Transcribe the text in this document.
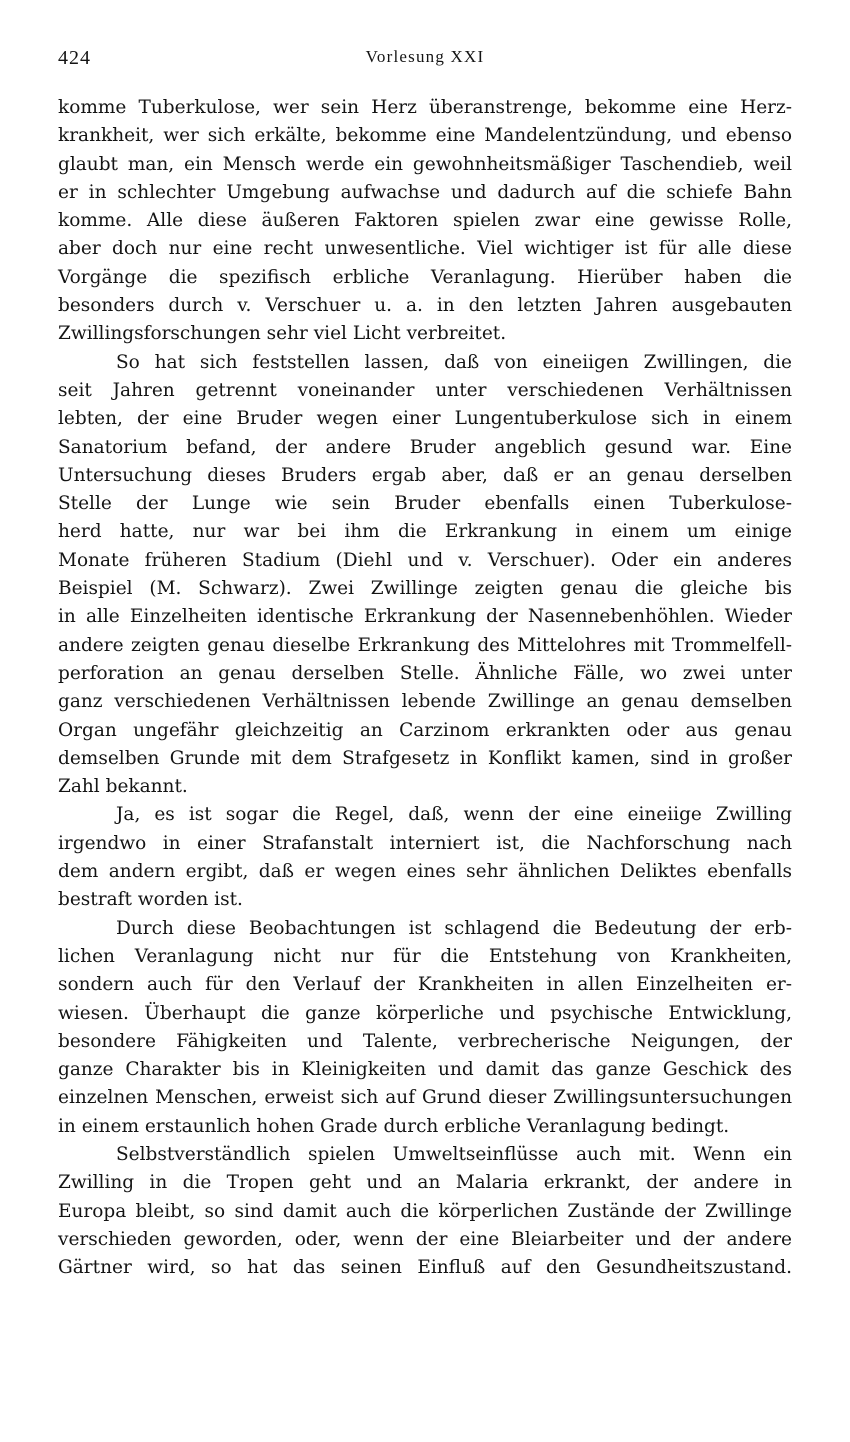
424	Vorlesung XXI
komme Tuberkulose, wer sein Herz überanstrenge, bekomme eine Herz-
krankheit, wer sich erkälte, bekomme eine Mandelentzündung, und ebenso
glaubt man, ein Mensch werde ein gewohnheitsmäßiger Taschendieb, weil
er in schlechter Umgebung aufwachse und dadurch auf die schiefe Bahn
komme. Alle diese äußeren Faktoren spielen zwar eine gewisse Rolle,
aber doch nur eine recht unwesentliche. Viel wichtiger ist für alle diese
Vorgänge die spezifisch erbliche Veranlagung. Hierüber haben die
besonders durch v. Verschuer u. a. in den letzten Jahren ausgebauten
Zwillingsforschungen sehr viel Licht verbreitet.
So hat sich feststellen lassen, daß von eineiigen Zwillingen, die
seit Jahren getrennt voneinander unter verschiedenen Verhältnissen
lebten, der eine Bruder wegen einer Lungentuberkulose sich in einem
Sanatorium befand, der andere Bruder angeblich gesund war. Eine
Untersuchung dieses Bruders ergab aber, daß er an genau derselben
Stelle der Lunge wie sein Bruder ebenfalls einen Tuberkulose-
herd hatte, nur war bei ihm die Erkrankung in einem um einige
Monate früheren Stadium (Diehl und v. Verschuer). Oder ein anderes
Beispiel (M. Schwarz). Zwei Zwillinge zeigten genau die gleiche bis
in alle Einzelheiten identische Erkrankung der Nasennebenhöhlen. Wieder
andere zeigten genau dieselbe Erkrankung des Mittelohres mit Trommelfell-
perforation an genau derselben Stelle. Ähnliche Fälle, wo zwei unter
ganz verschiedenen Verhältnissen lebende Zwillinge an genau demselben
Organ ungefähr gleichzeitig an Carzinom erkrankten oder aus genau
demselben Grunde mit dem Strafgesetz in Konflikt kamen, sind in großer
Zahl bekannt.
Ja, es ist sogar die Regel, daß, wenn der eine eineiige Zwilling
irgendwo in einer Strafanstalt interniert ist, die Nachforschung nach
dem andern ergibt, daß er wegen eines sehr ähnlichen Deliktes ebenfalls
bestraft worden ist.
Durch diese Beobachtungen ist schlagend die Bedeutung der erb-
lichen Veranlagung nicht nur für die Entstehung von Krankheiten,
sondern auch für den Verlauf der Krankheiten in allen Einzelheiten er-
wiesen. Überhaupt die ganze körperliche und psychische Entwicklung,
besondere Fähigkeiten und Talente, verbrecherische Neigungen, der
ganze Charakter bis in Kleinigkeiten und damit das ganze Geschick des
einzelnen Menschen, erweist sich auf Grund dieser Zwillingsuntersuchungen
in einem erstaunlich hohen Grade durch erbliche Veranlagung bedingt.
Selbstverständlich spielen Umweltseinflüsse auch mit. Wenn ein
Zwilling in die Tropen geht und an Malaria erkrankt, der andere in
Europa bleibt, so sind damit auch die körperlichen Zustände der Zwillinge
verschieden geworden, oder, wenn der eine Bleiarbeiter und der andere
Gärtner wird, so hat das seinen Einfluß auf den Gesundheitszustand.
